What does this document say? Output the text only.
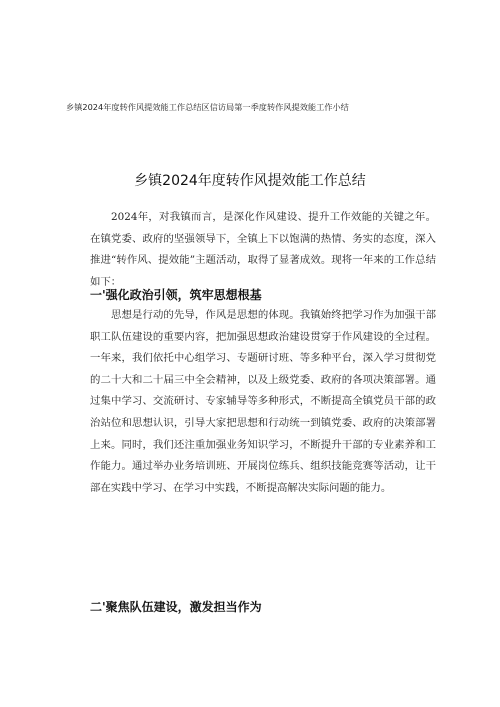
乡镇2024年度转作风提效能工作总结区信访局第一季度转作风提效能工作小结
乡镇2024年度转作风提效能工作总结

2024年，对我镇而言，是深化作风建设、提升工作效能的关键之年。在镇党委、政府的坚强领导下，全镇上下以饱满的热情、务实的态度，深入推进“转作风、提效能”主题活动，取得了显著成效。现将一年来的工作总结如下：

一'强化政治引领，筑牢思想根基

思想是行动的先导，作风是思想的体现。我镇始终把学习作为加强干部职工队伍建设的重要内容，把加强思想政治建设贯穿于作风建设的全过程。一年来，我们依托中心组学习、专题研讨班、等多种平台，深入学习贯彻党的二十大和二十届三中全会精神，以及上级党委、政府的各项决策部署。通过集中学习、交流研讨、专家辅导等多种形式，不断提高全镇党员干部的政治站位和思想认识，引导大家把思想和行动统一到镇党委、政府的决策部署上来。同时，我们还注重加强业务知识学习，不断提升干部的专业素养和工作能力。通过举办业务培训班、开展岗位练兵、组织技能竞赛等活动，让干部在实践中学习、在学习中实践，不断提高解决实际问题的能力。

二'聚焦队伍建设，激发担当作为
